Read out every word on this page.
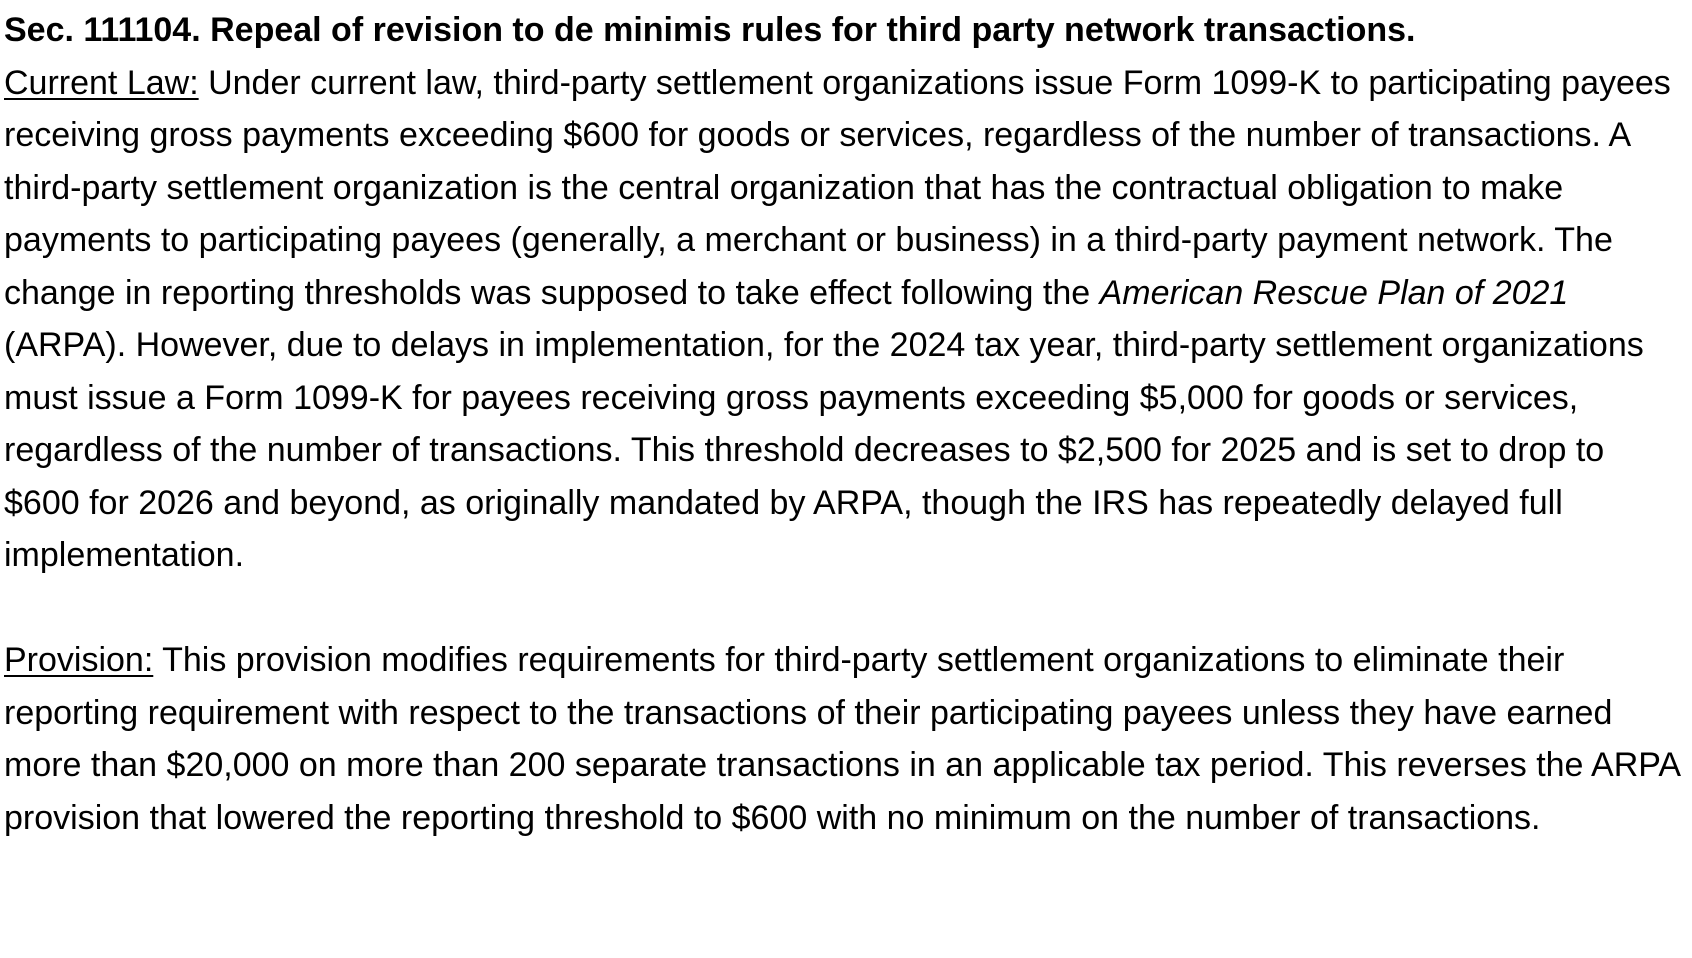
Sec. 111104. Repeal of revision to de minimis rules for third party network transactions.

Current Law: Under current law, third-party settlement organizations issue Form 1099-K to participating payees receiving gross payments exceeding $600 for goods or services, regardless of the number of transactions. A third-party settlement organization is the central organization that has the contractual obligation to make payments to participating payees (generally, a merchant or business) in a third-party payment network. The change in reporting thresholds was supposed to take effect following the American Rescue Plan of 2021 (ARPA). However, due to delays in implementation, for the 2024 tax year, third-party settlement organizations must issue a Form 1099-K for payees receiving gross payments exceeding $5,000 for goods or services, regardless of the number of transactions. This threshold decreases to $2,500 for 2025 and is set to drop to $600 for 2026 and beyond, as originally mandated by ARPA, though the IRS has repeatedly delayed full implementation.

Provision: This provision modifies requirements for third-party settlement organizations to eliminate their reporting requirement with respect to the transactions of their participating payees unless they have earned more than $20,000 on more than 200 separate transactions in an applicable tax period. This reverses the ARPA provision that lowered the reporting threshold to $600 with no minimum on the number of transactions.
